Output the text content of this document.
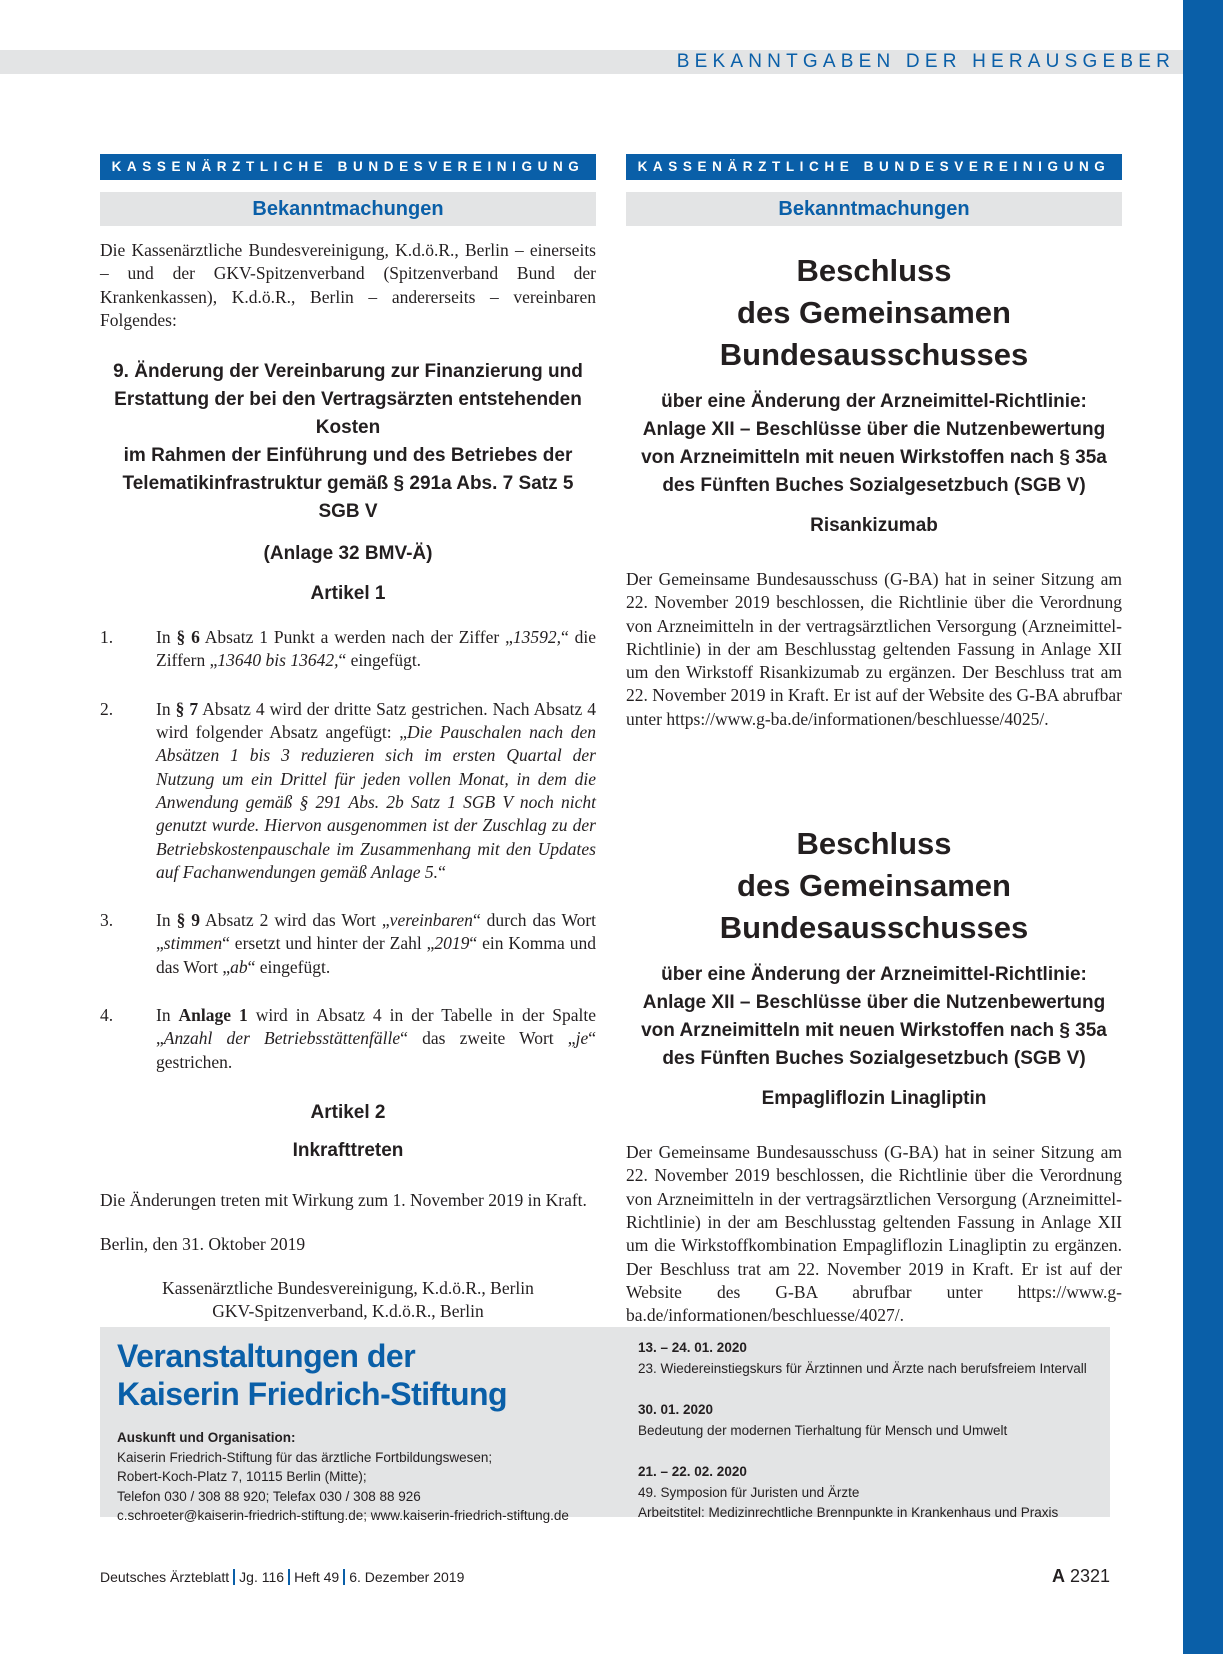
BEKANNTGABEN DER HERAUSGEBER
KASSENÄRZTLICHE BUNDESVEREINIGUNG
Bekanntmachungen

Die Kassenärztliche Bundesvereinigung, K.d.ö.R., Berlin – einerseits – und der GKV-Spitzenverband (Spitzenverband Bund der Krankenkassen), K.d.ö.R., Berlin – andererseits – vereinbaren Folgendes:

9. Änderung der Vereinbarung zur Finanzierung und
Erstattung der bei den Vertragsärzten entstehenden Kosten
im Rahmen der Einführung und des Betriebes der
Telematikinfrastruktur gemäß § 291a Abs. 7 Satz 5 SGB V
(Anlage 32 BMV-Ä)
Artikel 1
1.	In § 6 Absatz 1 Punkt a werden nach der Ziffer „13592,“ die Ziffern „13640 bis 13642,“ eingefügt.

2.	In § 7 Absatz 4 wird der dritte Satz gestrichen. Nach Absatz 4 wird folgender Absatz angefügt: „Die Pauschalen nach den Absätzen 1 bis 3 reduzieren sich im ersten Quartal der Nutzung um ein Drittel für jeden vollen Monat, in dem die Anwendung gemäß § 291 Abs. 2b Satz 1 SGB V noch nicht genutzt wurde. Hiervon ausgenommen ist der Zuschlag zu der Betriebskostenpauschale im Zusammenhang mit den Updates auf Fachanwendungen gemäß Anlage 5.“

3.	In § 9 Absatz 2 wird das Wort „vereinbaren“ durch das Wort „stimmen“ ersetzt und hinter der Zahl „2019“ ein Komma und das Wort „ab“ eingefügt.

4.	In Anlage 1 wird in Absatz 4 in der Tabelle in der Spalte „Anzahl der Betriebsstättenfälle“ das zweite Wort „je“ gestrichen.

Artikel 2
Inkrafttreten

Die Änderungen treten mit Wirkung zum 1. November 2019 in Kraft.

Berlin, den 31. Oktober 2019

Kassenärztliche Bundesvereinigung, K.d.ö.R., Berlin
GKV-Spitzenverband, K.d.ö.R., Berlin
KASSENÄRZTLICHE BUNDESVEREINIGUNG
Bekanntmachungen
Beschluss
des Gemeinsamen Bundesausschusses
über eine Änderung der Arzneimittel-Richtlinie:
Anlage XII – Beschlüsse über die Nutzenbewertung
von Arzneimitteln mit neuen Wirkstoffen nach § 35a
des Fünften Buches Sozialgesetzbuch (SGB V)
Risankizumab

Der Gemeinsame Bundesausschuss (G-BA) hat in seiner Sitzung am 22. November 2019 beschlossen, die Richtlinie über die Verordnung von Arzneimitteln in der vertragsärztlichen Versorgung (Arzneimittel-Richtlinie) in der am Beschlusstag geltenden Fassung in Anlage XII um den Wirkstoff Risankizumab zu ergänzen. Der Beschluss trat am 22. November 2019 in Kraft. Er ist auf der Website des G-BA abrufbar unter https://www.g-ba.de/informationen/beschluesse/4025/.

Beschluss
des Gemeinsamen Bundesausschusses
über eine Änderung der Arzneimittel-Richtlinie:
Anlage XII – Beschlüsse über die Nutzenbewertung
von Arzneimitteln mit neuen Wirkstoffen nach § 35a
des Fünften Buches Sozialgesetzbuch (SGB V)
Empagliflozin Linagliptin

Der Gemeinsame Bundesausschuss (G-BA) hat in seiner Sitzung am 22. November 2019 beschlossen, die Richtlinie über die Verordnung von Arzneimitteln in der vertragsärztlichen Versorgung (Arzneimittel-Richtlinie) in der am Beschlusstag geltenden Fassung in Anlage XII um die Wirkstoffkombination Empagliflozin Linagliptin zu ergänzen. Der Beschluss trat am 22. November 2019 in Kraft. Er ist auf der Website des G-BA abrufbar unter https://www.g-ba.de/informationen/beschluesse/4027/.

Veranstaltungen der
Kaiserin Friedrich-Stiftung
Auskunft und Organisation:
Kaiserin Friedrich-Stiftung für das ärztliche Fortbildungswesen;
Robert-Koch-Platz 7, 10115 Berlin (Mitte);
Telefon 030 / 308 88 920; Telefax 030 / 308 88 926
c.schroeter@kaiserin-friedrich-stiftung.de; www.kaiserin-friedrich-stiftung.de
13. – 24. 01. 2020
23. Wiedereinstiegskurs für Ärztinnen und Ärzte nach berufsfreiem Intervall
30. 01. 2020
Bedeutung der modernen Tierhaltung für Mensch und Umwelt
21. – 22. 02. 2020
49. Symposion für Juristen und Ärzte
Arbeitstitel: Medizinrechtliche Brennpunkte in Krankenhaus und Praxis
Deutsches Ärzteblatt Jg. 116 Heft 49 6. Dezember 2019	A 2321
